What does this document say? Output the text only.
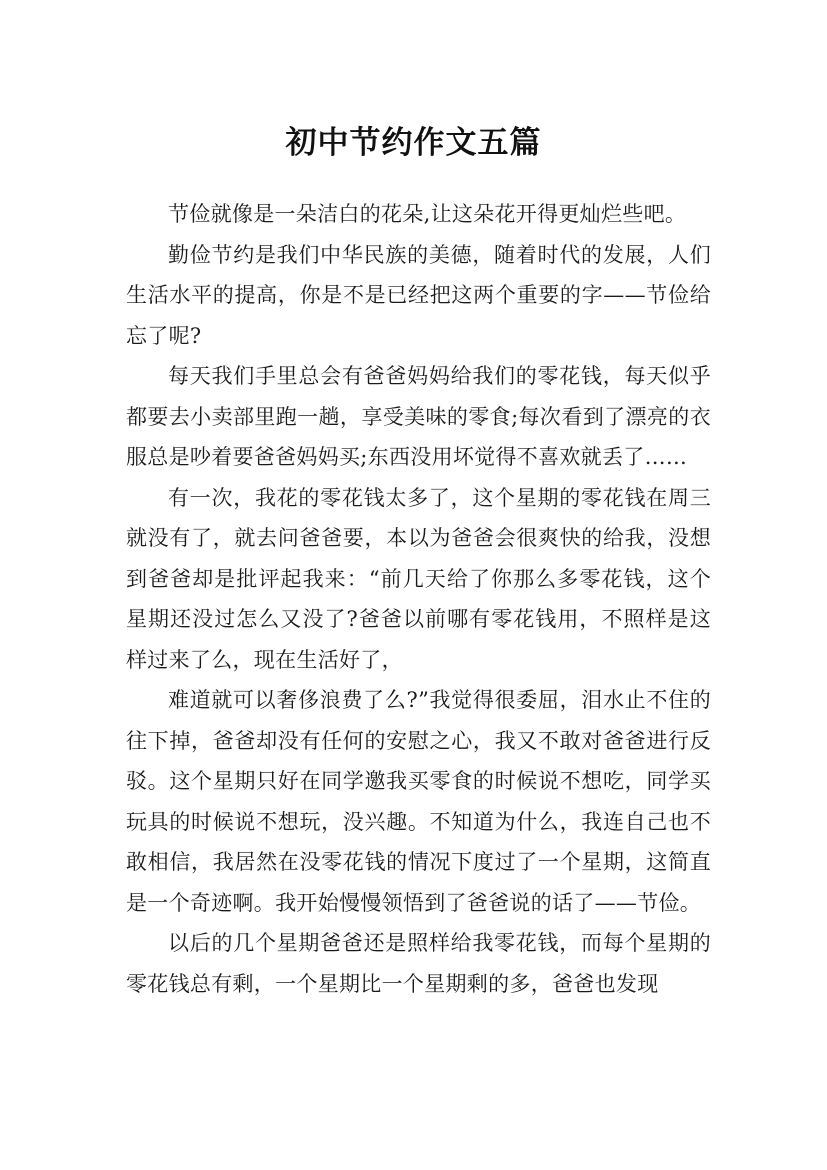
初中节约作文五篇

节俭就像是一朵洁白的花朵,让这朵花开得更灿烂些吧。

勤俭节约是我们中华民族的美德，随着时代的发展，人们生活水平的提高，你是不是已经把这两个重要的字——节俭给忘了呢?

每天我们手里总会有爸爸妈妈给我们的零花钱，每天似乎都要去小卖部里跑一趟，享受美味的零食;每次看到了漂亮的衣服总是吵着要爸爸妈妈买;东西没用坏觉得不喜欢就丢了……

有一次，我花的零花钱太多了，这个星期的零花钱在周三就没有了，就去问爸爸要，本以为爸爸会很爽快的给我，没想到爸爸却是批评起我来：“前几天给了你那么多零花钱，这个星期还没过怎么又没了?爸爸以前哪有零花钱用，不照样是这样过来了么，现在生活好了，

难道就可以奢侈浪费了么?”我觉得很委屈，泪水止不住的往下掉，爸爸却没有任何的安慰之心，我又不敢对爸爸进行反驳。这个星期只好在同学邀我买零食的时候说不想吃，同学买玩具的时候说不想玩，没兴趣。不知道为什么，我连自己也不敢相信，我居然在没零花钱的情况下度过了一个星期，这简直是一个奇迹啊。我开始慢慢领悟到了爸爸说的话了——节俭。

以后的几个星期爸爸还是照样给我零花钱，而每个星期的零花钱总有剩，一个星期比一个星期剩的多，爸爸也发现
